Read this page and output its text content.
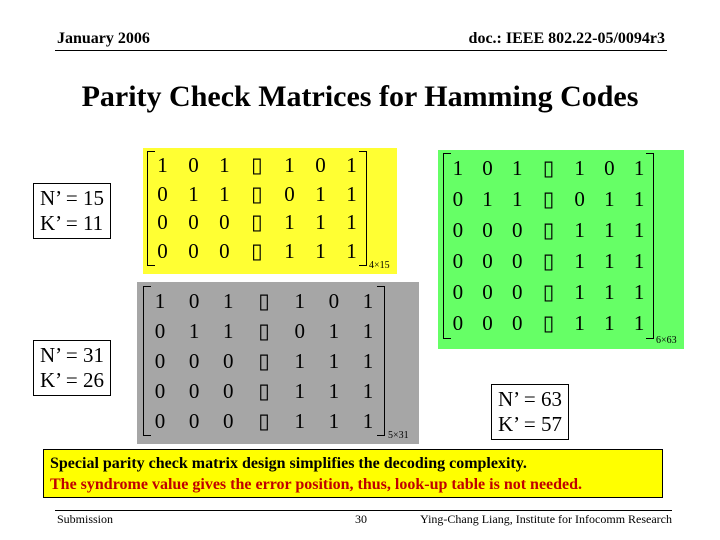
January 2006	doc.: IEEE 802.22-05/0094r3
Parity Check Matrices for Hamming Codes
1	0	1	▯	1	0	1
0	1	1	▯	0	1	1
0	0	0	▯	1	1	1
0	0	0	▯	1	1	1
4×15
1	0	1	▯	1	0	1
0	1	1	▯	0	1	1
0	0	0	▯	1	1	1
0	0	0	▯	1	1	1
0	0	0	▯	1	1	1
5×31
1	0	1	▯	1	0	1
0	1	1	▯	0	1	1
0	0	0	▯	1	1	1
0	0	0	▯	1	1	1
0	0	0	▯	1	1	1
0	0	0	▯	1	1	1
6×63
N’ = 15
K’ = 11
N’ = 31
K’ = 26
N’ = 63
K’ = 57
Special parity check matrix design simplifies the decoding complexity.
The syndrome value gives the error position, thus, look-up table is not needed.
Submission	30	Ying-Chang Liang, Institute for Infocomm Research
